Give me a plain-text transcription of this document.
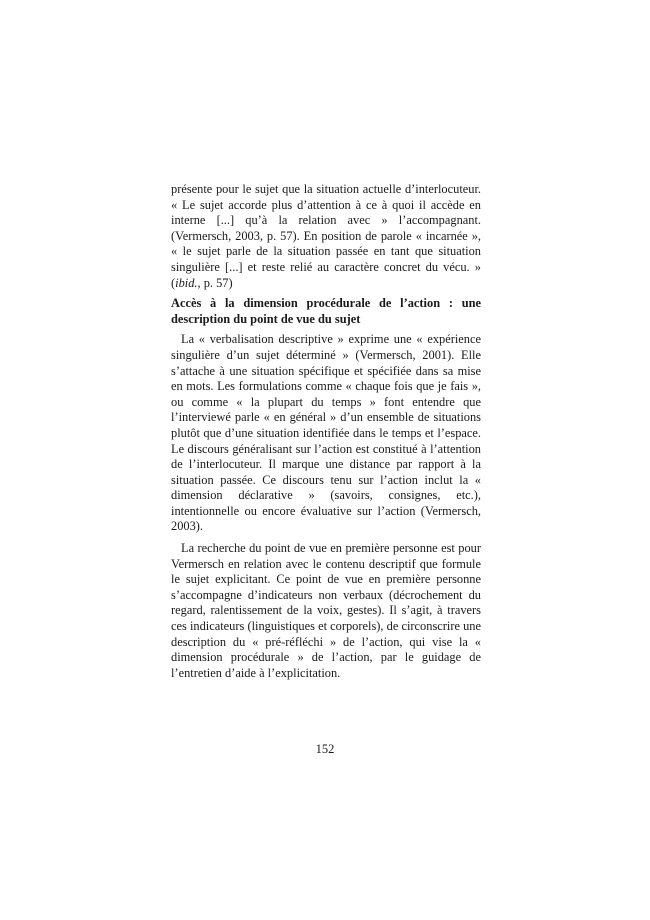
présente pour le sujet que la situation actuelle d’interlocuteur. « Le sujet accorde plus d’attention à ce à quoi il accède en interne [...] qu’à la relation avec » l’accompagnant. (Vermersch, 2003, p. 57). En position de parole « incarnée », « le sujet parle de la situation passée en tant que situation singulière [...] et reste relié au caractère concret du vécu. » (ibid., p. 57)

Accès à la dimension procédurale de l’action : une description du point de vue du sujet

La « verbalisation descriptive » exprime une « expérience singulière d’un sujet déterminé » (Vermersch, 2001). Elle s’attache à une situation spécifique et spécifiée dans sa mise en mots. Les formulations comme « chaque fois que je fais », ou comme « la plupart du temps » font entendre que l’interviewé parle « en général » d’un ensemble de situations plutôt que d’une situation identifiée dans le temps et l’espace. Le discours généralisant sur l’action est constitué à l’attention de l’interlocuteur. Il marque une distance par rapport à la situation passée. Ce discours tenu sur l’action inclut la « dimension déclarative » (savoirs, consignes, etc.), intentionnelle ou encore évaluative sur l’action (Vermersch, 2003).

La recherche du point de vue en première personne est pour Vermersch en relation avec le contenu descriptif que formule le sujet explicitant. Ce point de vue en première personne s’accompagne d’indicateurs non verbaux (décrochement du regard, ralentissement de la voix, gestes). Il s’agit, à travers ces indicateurs (linguistiques et corporels), de circonscrire une description du « pré-réfléchi » de l’action, qui vise la « dimension procédurale » de l’action, par le guidage de l’entretien d’aide à l’explicitation.

152
